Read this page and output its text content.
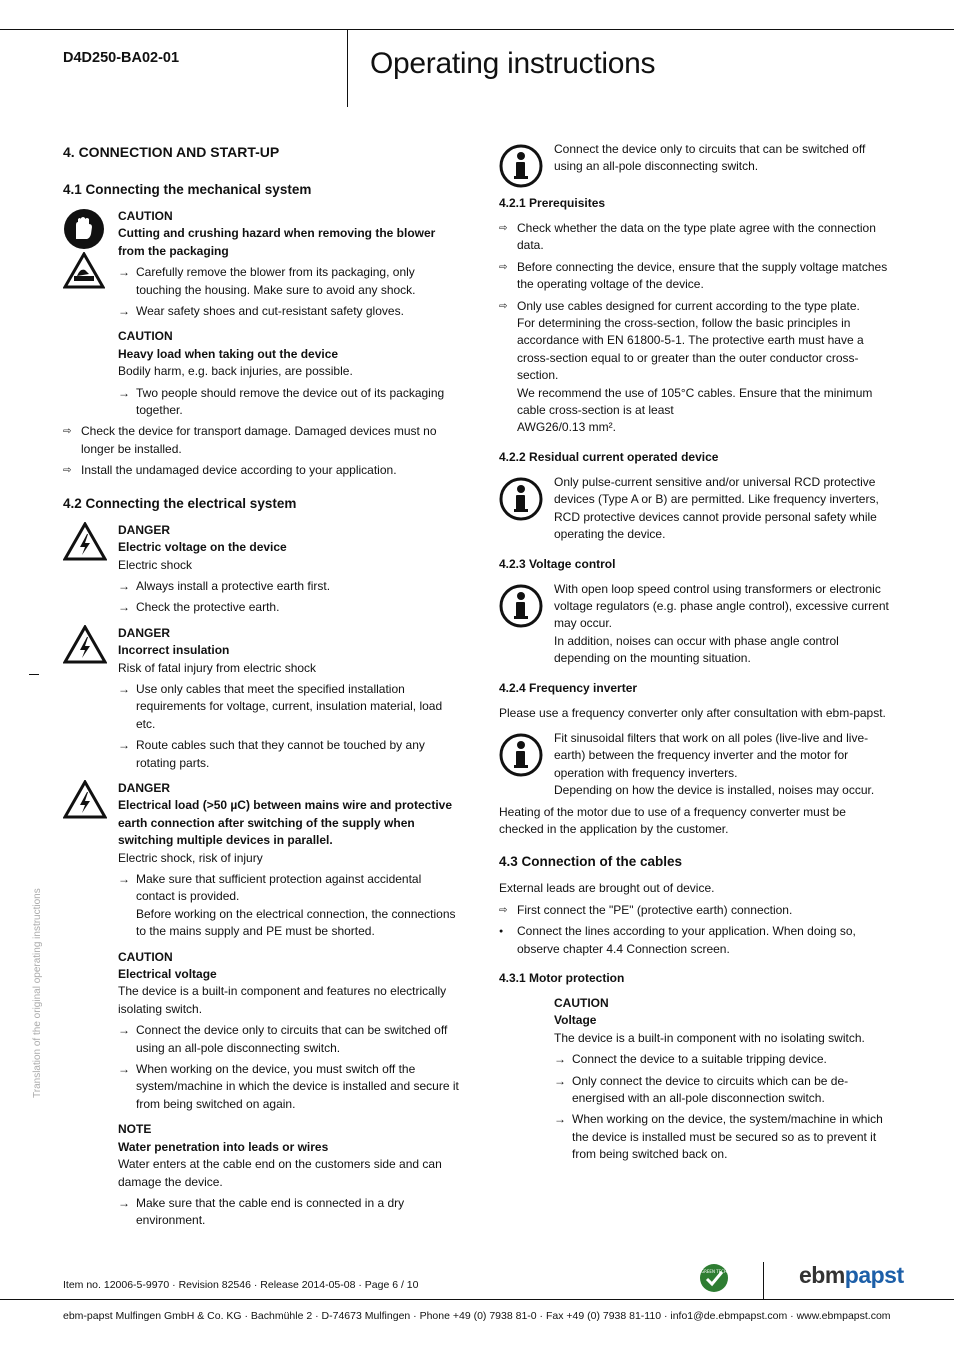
D4D250-BA02-01	Operating instructions
Translation of the original operating instructions
4. CONNECTION AND START-UP
4.1 Connecting the mechanical system
CAUTION
Cutting and crushing hazard when removing the blower from the packaging
→ Carefully remove the blower from its packaging, only touching the housing. Make sure to avoid any shock.
→ Wear safety shoes and cut-resistant safety gloves.
CAUTION
Heavy load when taking out the device
Bodily harm, e.g. back injuries, are possible.
→ Two people should remove the device out of its packaging together.
⇨ Check the device for transport damage. Damaged devices must no longer be installed.
⇨ Install the undamaged device according to your application.
4.2 Connecting the electrical system
DANGER
Electric voltage on the device
Electric shock
→ Always install a protective earth first.
→ Check the protective earth.
DANGER
Incorrect insulation
Risk of fatal injury from electric shock
→ Use only cables that meet the specified installation requirements for voltage, current, insulation material, load etc.
→ Route cables such that they cannot be touched by any rotating parts.
DANGER
Electrical load (>50 µC) between mains wire and protective earth connection after switching of the supply when switching multiple devices in parallel.
Electric shock, risk of injury
→ Make sure that sufficient protection against accidental contact is provided.
Before working on the electrical connection, the connections to the mains supply and PE must be shorted.
CAUTION
Electrical voltage
The device is a built-in component and features no electrically isolating switch.
→ Connect the device only to circuits that can be switched off using an all-pole disconnecting switch.
→ When working on the device, you must switch off the system/machine in which the device is installed and secure it from being switched on again.
NOTE
Water penetration into leads or wires
Water enters at the cable end on the customers side and can damage the device.
→ Make sure that the cable end is connected in a dry environment.
Connect the device only to circuits that can be switched off using an all-pole disconnecting switch.
4.2.1 Prerequisites
⇨ Check whether the data on the type plate agree with the connection data.
⇨ Before connecting the device, ensure that the supply voltage matches the operating voltage of the device.
⇨ Only use cables designed for current according to the type plate.
For determining the cross-section, follow the basic principles in accordance with EN 61800-5-1. The protective earth must have a cross-section equal to or greater than the outer conductor cross-section.
We recommend the use of 105°C cables. Ensure that the minimum cable cross-section is at least
AWG26/0.13 mm².
4.2.2 Residual current operated device
Only pulse-current sensitive and/or universal RCD protective devices (Type A or B) are permitted. Like frequency inverters, RCD protective devices cannot provide personal safety while operating the device.
4.2.3 Voltage control
With open loop speed control using transformers or electronic voltage regulators (e.g. phase angle control), excessive current may occur.
In addition, noises can occur with phase angle control depending on the mounting situation.
4.2.4 Frequency inverter

Please use a frequency converter only after consultation with ebm-papst.

Fit sinusoidal filters that work on all poles (live-live and live-earth) between the frequency inverter and the motor for operation with frequency inverters.
Depending on how the device is installed, noises may occur.

Heating of the motor due to use of a frequency converter must be checked in the application by the customer.

4.3 Connection of the cables

External leads are brought out of device.

⇨ First connect the "PE" (protective earth) connection.
● Connect the lines according to your application. When doing so, observe chapter 4.4 Connection screen.
4.3.1 Motor protection
CAUTION
Voltage
The device is a built-in component with no isolating switch.
→ Connect the device to a suitable tripping device.
→ Only connect the device to circuits which can be de-energised with an all-pole disconnection switch.
→ When working on the device, the system/machine in which the device is installed must be secured so as to prevent it from being switched back on.
Item no. 12006-5-9970 · Revision 82546 · Release 2014-05-08 · Page 6 / 10
GREEN TECH	ebmpapst
ebm-papst Mulfingen GmbH & Co. KG · Bachmühle 2 · D-74673 Mulfingen · Phone +49 (0) 7938 81-0 · Fax +49 (0) 7938 81-110 · info1@de.ebmpapst.com · www.ebmpapst.com
